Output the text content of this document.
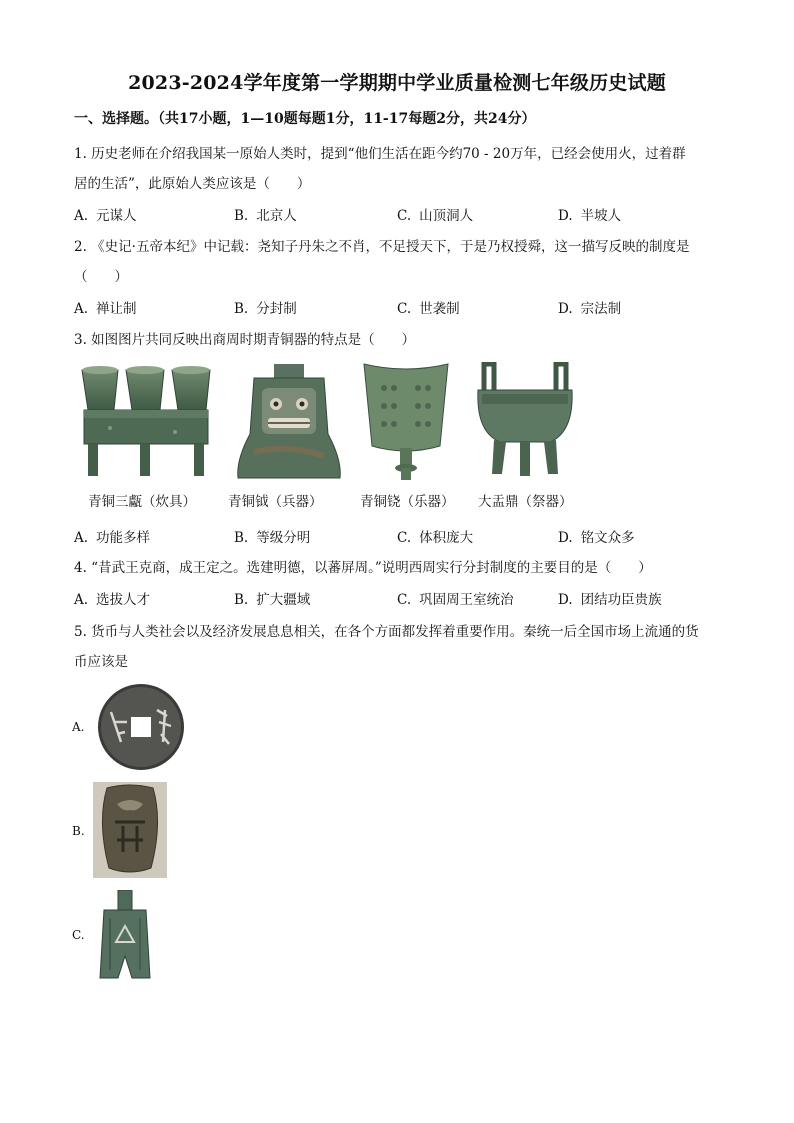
2023-2024学年度第一学期期中学业质量检测七年级历史试题
一、选择题。（共17小题，1—10题每题1分，11-17每题2分，共24分）
1. 历史老师在介绍我国某一原始人类时，提到“他们生活在距今约70 - 20万年，已经会使用火，过着群
居的生活”，此原始人类应该是（　　）
A. 元谋人	B. 北京人	C. 山顶洞人	D. 半坡人
2. 《史记·五帝本纪》中记载：尧知子丹朱之不肖，不足授天下，于是乃权授舜，这一描写反映的制度是
（　　）
A. 禅让制	B. 分封制	C. 世袭制	D. 宗法制
3. 如图图片共同反映出商周时期青铜器的特点是（　　）
青铜三甗（炊具） 青铜钺（兵器）	青铜铙（乐器） 大盂鼎（祭器）
A. 功能多样	B. 等级分明	C. 体积庞大	D. 铭文众多
4. “昔武王克商，成王定之。选建明德，以蕃屏周。”说明西周实行分封制度的主要目的是（　　）
A. 选拔人才	B. 扩大疆域	C. 巩固周王室统治	D. 团结功臣贵族
5. 货币与人类社会以及经济发展息息相关，在各个方面都发挥着重要作用。秦统一后全国市场上流通的货
币应该是
A.
B.
C.
